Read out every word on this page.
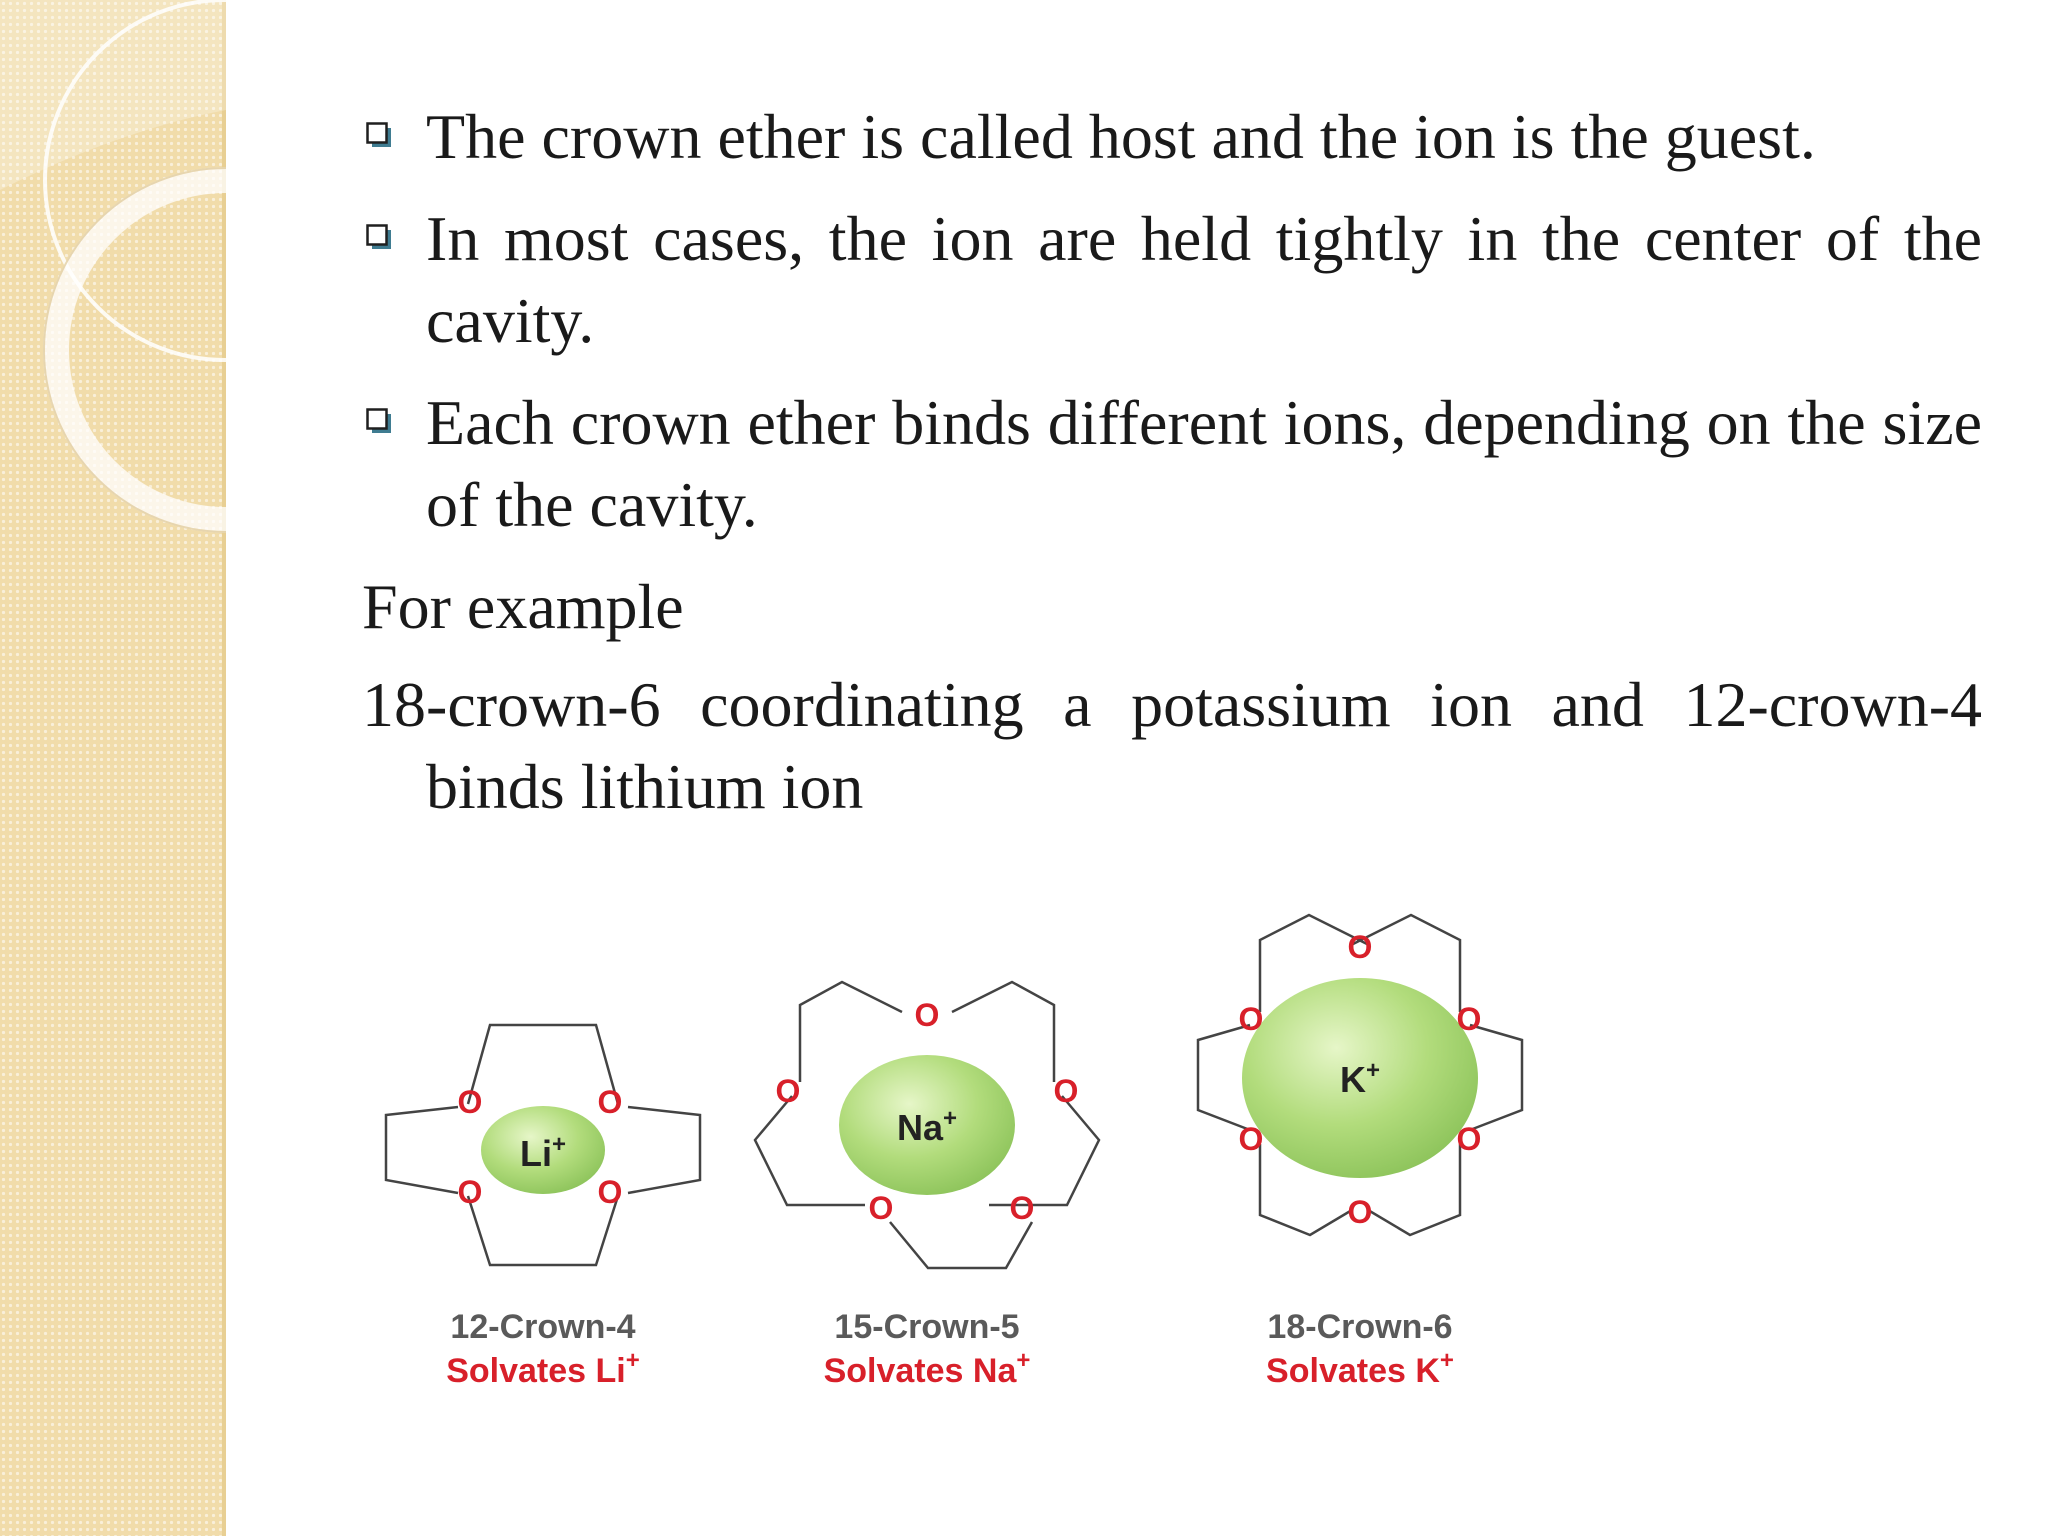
The crown ether is called host and the ion is the guest.
In most cases, the ion are held tightly in the center of the cavity.
Each crown ether binds different ions, depending on the size of the cavity.
For example
18-crown-6 coordinating a potassium ion and 12-crown-4 binds lithium ion
Li+
O	O
O	O
12-Crown-4
Solvates Li+
Na+
O
O	O
O	O
15-Crown-5
Solvates Na+
K+
O
O	O
O	O
O
18-Crown-6
Solvates K+
